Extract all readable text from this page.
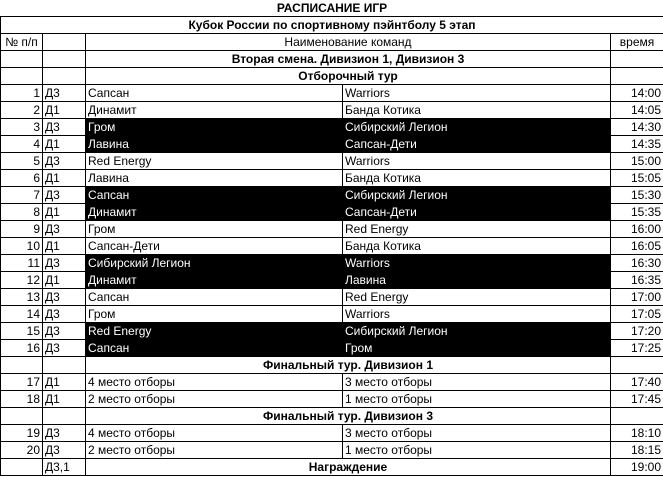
РАСПИСАНИЕ ИГР				
Кубок России по спортивному пэйнтболу 5 этап				
№ п/п		Наименование команд		время
		Вторая смена. Дивизион 1, Дивизион 3		
		Отборочный тур		
1	Д3	Сапсан	Warriors	14:00
2	Д1	Динамит	Банда Котика	14:05
3	Д3	Гром	Сибирский Легион	14:30
4	Д1	Лавина	Сапсан-Дети	14:35
5	Д3	Red Energy	Warriors	15:00
6	Д1	Лавина	Банда Котика	15:05
7	Д3	Сапсан	Сибирский Легион	15:30
8	Д1	Динамит	Сапсан-Дети	15:35
9	Д3	Гром	Red Energy	16:00
10	Д1	Сапсан-Дети	Банда Котика	16:05
11	Д3	Сибирский Легион	Warriors	16:30
12	Д1	Динамит	Лавина	16:35
13	Д3	Сапсан	Red Energy	17:00
14	Д3	Гром	Warriors	17:05
15	Д3	Red Energy	Сибирский Легион	17:20
16	Д3	Сапсан	Гром	17:25
		Финальный тур. Дивизион 1		
17	Д1	4 место отборы	3 место отборы	17:40
18	Д1	2 место отборы	1 место отборы	17:45
		Финальный тур. Дивизион 3		
19	Д3	4 место отборы	3 место отборы	18:10
20	Д3	2 место отборы	1 место отборы	18:15
	Д3,1	Награждение		19:00
